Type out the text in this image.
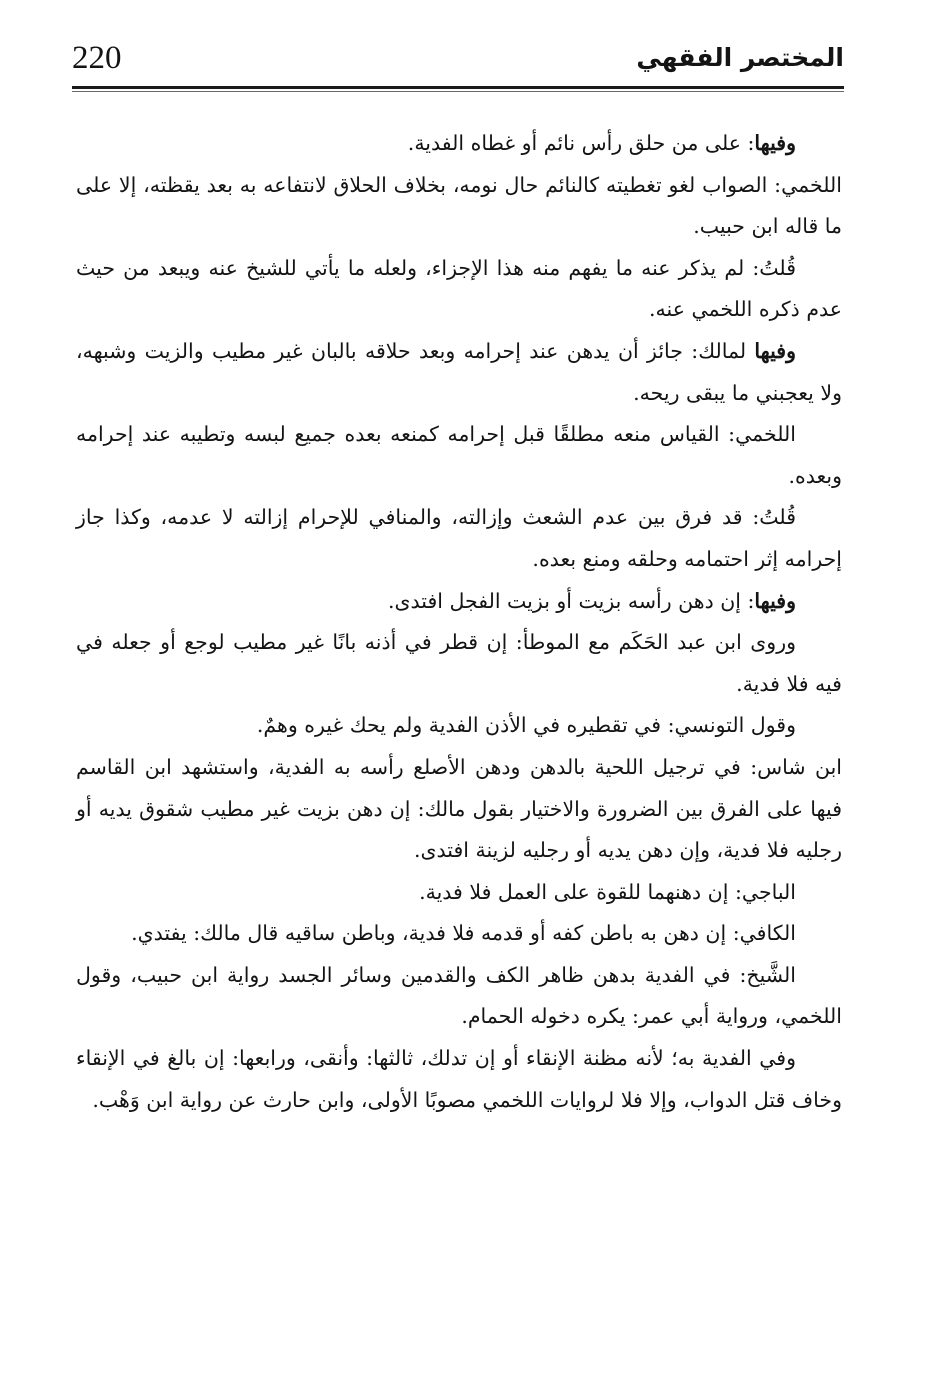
220	المختصر الفقهي

وفيها: على من حلق رأس نائم أو غطاه الفدية.

اللخمي: الصواب لغو تغطيته كالنائم حال نومه، بخلاف الحلاق لانتفاعه به بعد يقظته، إلا على ما قاله ابن حبيب.

قُلتُ: لم يذكر عنه ما يفهم منه هذا الإجزاء، ولعله ما يأتي للشيخ عنه ويبعد من حيث عدم ذكره اللخمي عنه.

وفيها لمالك: جائز أن يدهن عند إحرامه وبعد حلاقه بالبان غير مطيب والزيت وشبهه، ولا يعجبني ما يبقى ريحه.

اللخمي: القياس منعه مطلقًا قبل إحرامه كمنعه بعده جميع لبسه وتطيبه عند إحرامه وبعده.

قُلتُ: قد فرق بين عدم الشعث وإزالته، والمنافي للإحرام إزالته لا عدمه، وكذا جاز إحرامه إثر احتمامه وحلقه ومنع بعده.

وفيها: إن دهن رأسه بزيت أو بزيت الفجل افتدى.

وروى ابن عبد الحَكَم مع الموطأ: إن قطر في أذنه بانًا غير مطيب لوجع أو جعله في فيه فلا فدية.

وقول التونسي: في تقطيره في الأذن الفدية ولم يحك غيره وهمٌ.

ابن شاس: في ترجيل اللحية بالدهن ودهن الأصلع رأسه به الفدية، واستشهد ابن القاسم فيها على الفرق بين الضرورة والاختيار بقول مالك: إن دهن بزيت غير مطيب شقوق يديه أو رجليه فلا فدية، وإن دهن يديه أو رجليه لزينة افتدى.

الباجي: إن دهنهما للقوة على العمل فلا فدية.

الكافي: إن دهن به باطن كفه أو قدمه فلا فدية، وباطن ساقيه قال مالك: يفتدي.

الشَّيخ: في الفدية بدهن ظاهر الكف والقدمين وسائر الجسد رواية ابن حبيب، وقول اللخمي، ورواية أبي عمر: يكره دخوله الحمام.

وفي الفدية به؛ لأنه مظنة الإنقاء أو إن تدلك، ثالثها: وأنقى، ورابعها: إن بالغ في الإنقاء وخاف قتل الدواب، وإلا فلا لروايات اللخمي مصوبًا الأولى، وابن حارث عن رواية ابن وَهْب.
